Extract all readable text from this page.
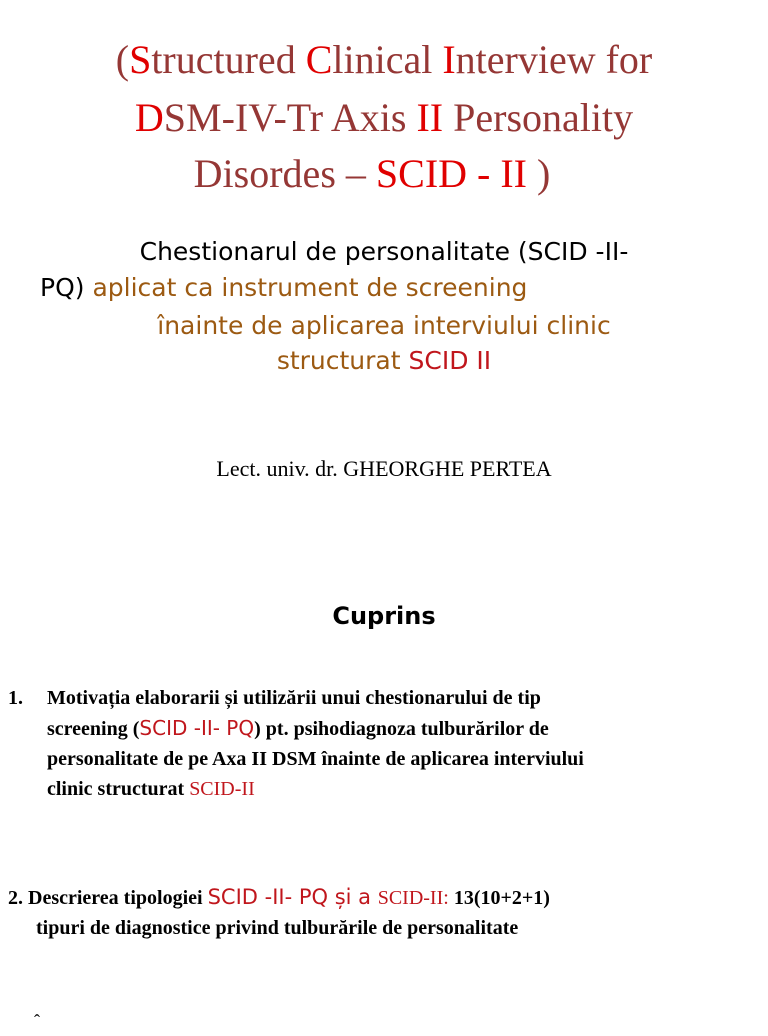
(Structured Clinical Interview for
DSM-IV-Tr Axis II Personality
Disordes – SCID - II )
Chestionarul de personalitate (SCID -II-
PQ) aplicat ca instrument de screening
înainte de aplicarea interviului clinic
structurat SCID II
Lect. univ. dr. GHEORGHE PERTEA
Cuprins
1. Motivația elaborarii și utilizării unui chestionarului de tip
screening (SCID -II- PQ) pt. psihodiagnoza tulburărilor de
personalitate de pe Axa II DSM înainte de aplicarea interviului
clinic structurat SCID-II
2. Descrierea tipologiei SCID -II- PQ și a SCID-II: 13(10+2+1)
tipuri de diagnostice privind tulburările de personalitate
ˆ
